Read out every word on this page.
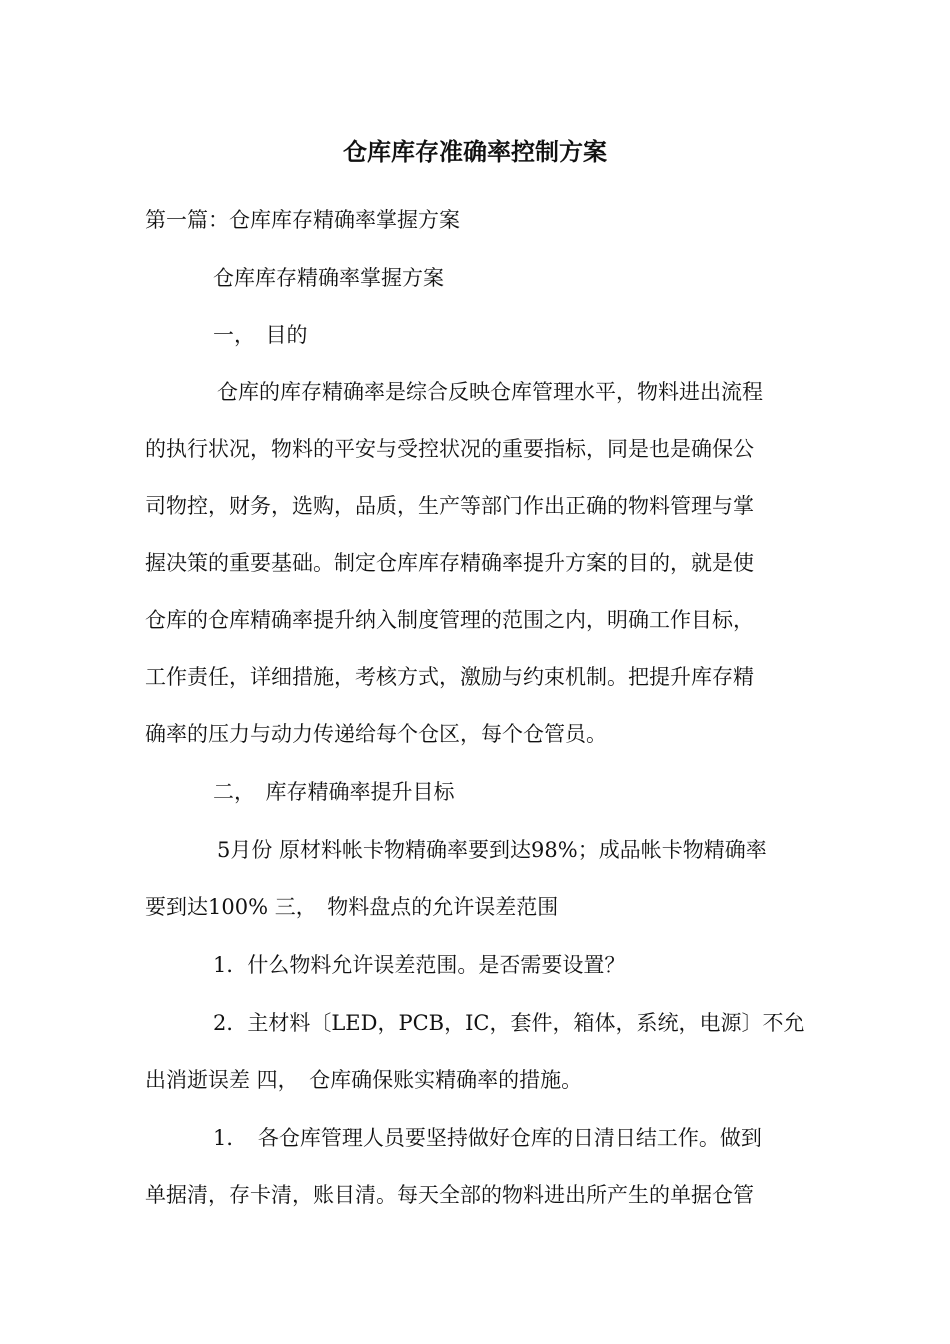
仓库库存准确率控制方案
第一篇：仓库库存精确率掌握方案
仓库库存精确率掌握方案
一，　目的
仓库的库存精确率是综合反映仓库管理水平，物料进出流程
的执行状况，物料的平安与受控状况的重要指标，同是也是确保公
司物控，财务，选购，品质，生产等部门作出正确的物料管理与掌
握决策的重要基础。制定仓库库存精确率提升方案的目的，就是使
仓库的仓库精确率提升纳入制度管理的范围之内，明确工作目标，
工作责任，详细措施，考核方式，激励与约束机制。把提升库存精
确率的压力与动力传递给每个仓区，每个仓管员。
二，　库存精确率提升目标
5月份 原材料帐卡物精确率要到达98%；成品帐卡物精确率
要到达100% 三，　物料盘点的允许误差范围
1．什么物料允许误差范围。是否需要设置？
2．主材料〔LED，PCB，IC，套件，箱体，系统，电源〕不允
出消逝误差 四，　仓库确保账实精确率的措施。
1．　各仓库管理人员要坚持做好仓库的日清日结工作。做到
单据清，存卡清，账目清。每天全部的物料进出所产生的单据仓管
